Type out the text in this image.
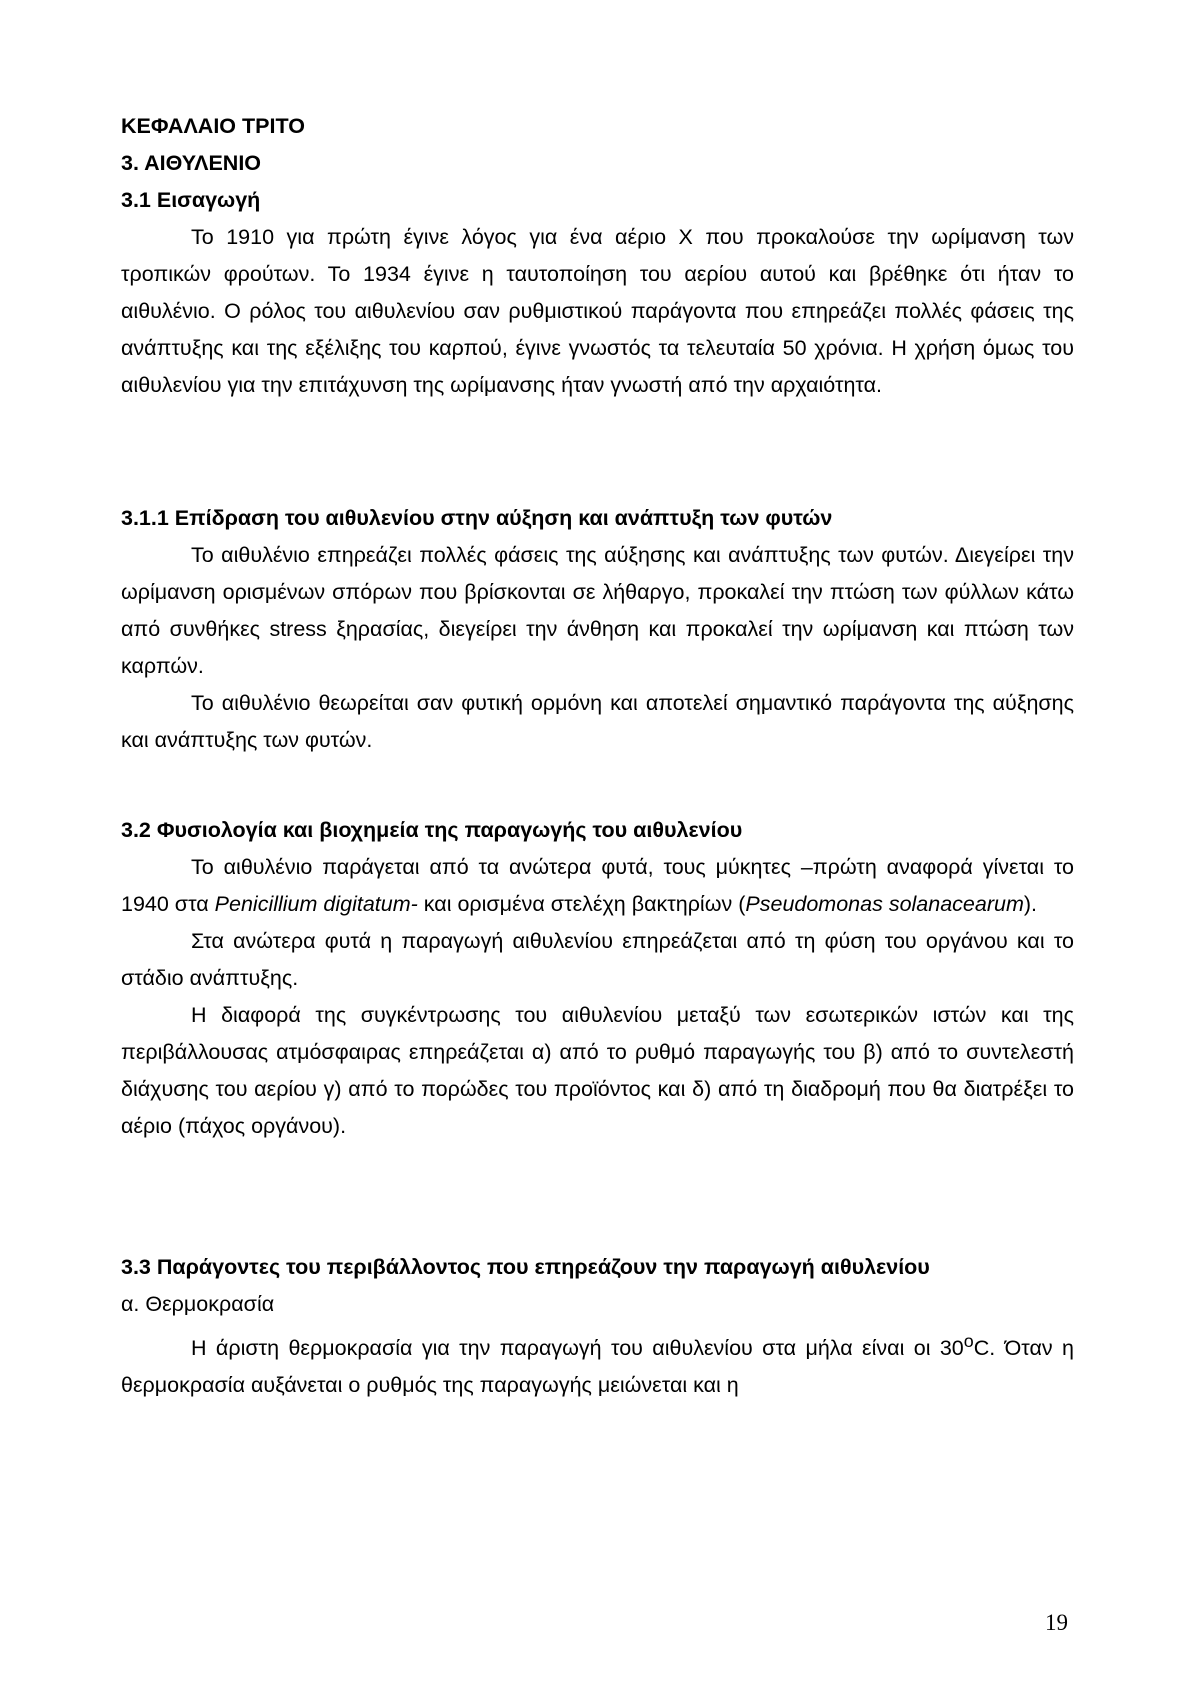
ΚΕΦΑΛΑΙΟ ΤΡΙΤΟ

3. ΑΙΘΥΛΕΝΙΟ

3.1 Εισαγωγή

Το 1910 για πρώτη έγινε λόγος για ένα αέριο Χ που προκαλούσε την ωρίμανση των τροπικών φρούτων. Το 1934 έγινε η ταυτοποίηση του αερίου αυτού και βρέθηκε ότι ήταν το αιθυλένιο. Ο ρόλος του αιθυλενίου σαν ρυθμιστικού παράγοντα που επηρεάζει πολλές φάσεις της ανάπτυξης και της εξέλιξης του καρπού, έγινε γνωστός τα τελευταία 50 χρόνια. Η χρήση όμως του αιθυλενίου για την επιτάχυνση της ωρίμανσης ήταν γνωστή από την αρχαιότητα.

3.1.1 Επίδραση του αιθυλενίου στην αύξηση και ανάπτυξη των φυτών

Το αιθυλένιο επηρεάζει πολλές φάσεις της αύξησης και ανάπτυξης των φυτών. Διεγείρει την ωρίμανση ορισμένων σπόρων που βρίσκονται σε λήθαργο, προκαλεί την πτώση των φύλλων κάτω από συνθήκες stress ξηρασίας, διεγείρει την άνθηση και προκαλεί την ωρίμανση και πτώση των καρπών.

Το αιθυλένιο θεωρείται σαν φυτική ορμόνη και αποτελεί σημαντικό παράγοντα της αύξησης και ανάπτυξης των φυτών.

3.2 Φυσιολογία και βιοχημεία της παραγωγής του αιθυλενίου

Το αιθυλένιο παράγεται από τα ανώτερα φυτά, τους μύκητες –πρώτη αναφορά γίνεται το 1940 στα Penicillium digitatum- και ορισμένα στελέχη βακτηρίων (Pseudomonas solanacearum).

Στα ανώτερα φυτά η παραγωγή αιθυλενίου επηρεάζεται από τη φύση του οργάνου και το στάδιο ανάπτυξης.

Η διαφορά της συγκέντρωσης του αιθυλενίου μεταξύ των εσωτερικών ιστών και της περιβάλλουσας ατμόσφαιρας επηρεάζεται α) από το ρυθμό παραγωγής του β) από το συντελεστή διάχυσης του αερίου γ) από το πορώδες του προϊόντος και δ) από τη διαδρομή που θα διατρέξει το αέριο (πάχος οργάνου).

3.3 Παράγοντες του περιβάλλοντος που επηρεάζουν την παραγωγή αιθυλενίου

α. Θερμοκρασία

Η άριστη θερμοκρασία για την παραγωγή του αιθυλενίου στα μήλα είναι οι 30$^o$C. Όταν η θερμοκρασία αυξάνεται ο ρυθμός της παραγωγής μειώνεται και η

19
